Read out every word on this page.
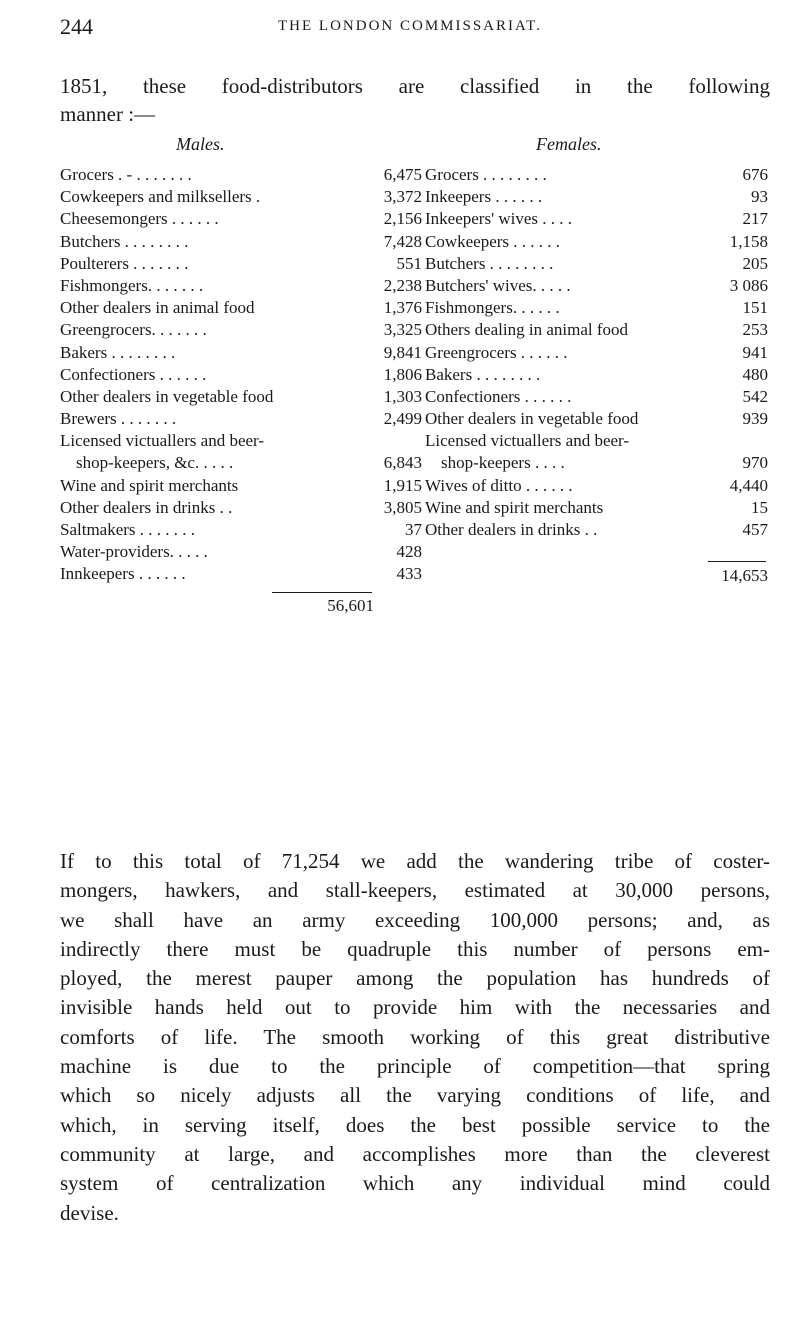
244	THE LONDON COMMISSARIAT.
1851, these food-distributors are classified in the following
manner :—
Males.	Females.
Grocers . - . . . . . . .	6,475
Cowkeepers and milksellers .	3,372
Cheesemongers . . . . . .	2,156
Butchers . . . . . . . .	7,428
Poulterers . . . . . . .	551
Fishmongers. . . . . . .	2,238
Other dealers in animal food	1,376
Greengrocers. . . . . . .	3,325
Bakers . . . . . . . .	9,841
Confectioners . . . . . .	1,806
Other dealers in vegetable food	1,303
Brewers . . . . . . .	2,499
Licensed victuallers and beer-
shop-keepers, &c. . . . .	6,843
Wine and spirit merchants	1,915
Other dealers in drinks . .	3,805
Saltmakers . . . . . . .	37
Water-providers. . . . .	428
Innkeepers . . . . . .	433
Grocers . . . . . . . .	676
Inkeepers . . . . . .	93
Inkeepers' wives . . . .	217
Cowkeepers . . . . . .	1,158
Butchers . . . . . . . .	205
Butchers' wives. . . . .	3 086
Fishmongers. . . . . .	151
Others dealing in animal food	253
Greengrocers . . . . . .	941
Bakers . . . . . . . .	480
Confectioners . . . . . .	542
Other dealers in vegetable food	939
Licensed victuallers and beer-
shop-keepers . . . .	970
Wives of ditto . . . . . .	4,440
Wine and spirit merchants	15
Other dealers in drinks . .	457
56,601
14,653
If to this total of 71,254 we add the wandering tribe of coster-
mongers, hawkers, and stall-keepers, estimated at 30,000 persons,
we shall have an army exceeding 100,000 persons; and, as
indirectly there must be quadruple this number of persons em-
ployed, the merest pauper among the population has hundreds of
invisible hands held out to provide him with the necessaries and
comforts of life. The smooth working of this great distributive
machine is due to the principle of competition—that spring
which so nicely adjusts all the varying conditions of life, and
which, in serving itself, does the best possible service to the
community at large, and accomplishes more than the cleverest
system of centralization which any individual mind could
devise.
